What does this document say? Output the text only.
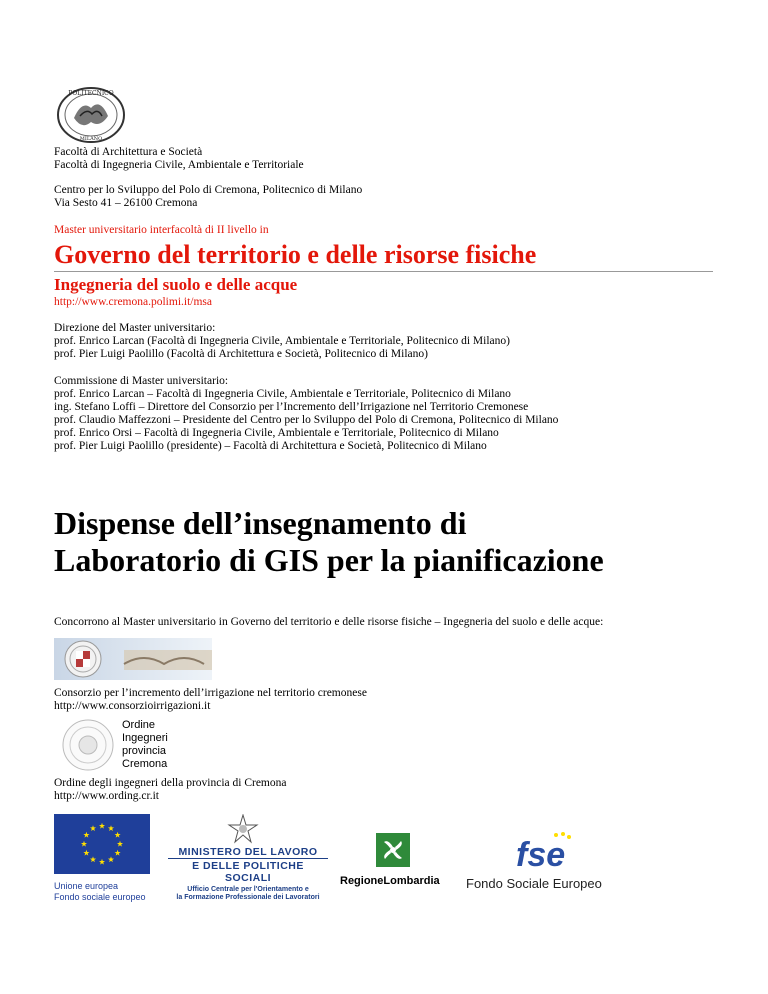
POLITECNICO
MILANO
Facoltà di Architettura e Società
Facoltà di Ingegneria Civile, Ambientale e Territoriale
Centro per lo Sviluppo del Polo di Cremona, Politecnico di Milano
Via Sesto 41 – 26100 Cremona
Master universitario interfacoltà di II livello in
Governo del territorio e delle risorse fisiche
Ingegneria del suolo e delle acque
http://www.cremona.polimi.it/msa
Direzione del Master universitario:
prof. Enrico Larcan (Facoltà di Ingegneria Civile, Ambientale e Territoriale, Politecnico di Milano)
prof. Pier Luigi Paolillo (Facoltà di Architettura e Società, Politecnico di Milano)
Commissione di Master universitario:
prof. Enrico Larcan – Facoltà di Ingegneria Civile, Ambientale e Territoriale, Politecnico di Milano
ing. Stefano Loffi – Direttore del Consorzio per l’Incremento dell’Irrigazione nel Territorio Cremonese
prof. Claudio Maffezzoni – Presidente del Centro per lo Sviluppo del Polo di Cremona, Politecnico di Milano
prof. Enrico Orsi – Facoltà di Ingegneria Civile, Ambientale e Territoriale, Politecnico di Milano
prof. Pier Luigi Paolillo (presidente) – Facoltà di Architettura e Società, Politecnico di Milano
Dispense dell’insegnamento di
Laboratorio di GIS per la pianificazione
Concorrono al Master universitario in Governo del territorio e delle risorse fisiche – Ingegneria del suolo e delle acque:
Consorzio per l’incremento dell’irrigazione nel territorio cremonese
http://www.consorzioirrigazioni.it
Ordine
Ingegneri
provincia
Cremona
Ordine degli ingegneri della provincia di Cremona
http://www.ording.cr.it
Unione europea
Fondo sociale europeo
MINISTERO DEL LAVORO
E DELLE POLITICHE SOCIALI
Ufficio Centrale per l'Orientamento e
la Formazione Professionale dei Lavoratori
RegioneLombardia
fse
Fondo Sociale Europeo
